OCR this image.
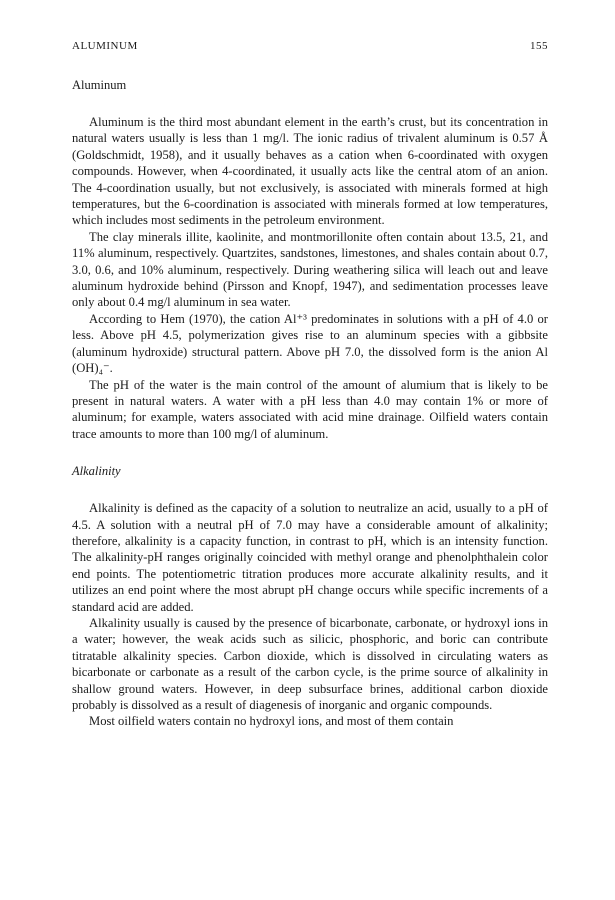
ALUMINUM	155
Aluminum

Aluminum is the third most abundant element in the earth’s crust, but its concentration in natural waters usually is less than 1 mg/l. The ionic radius of trivalent aluminum is 0.57 Å (Goldschmidt, 1958), and it usually behaves as a cation when 6-coordinated with oxygen compounds. However, when 4-coordinated, it usually acts like the central atom of an anion. The 4-coordination usually, but not exclusively, is associated with minerals formed at high temperatures, but the 6-coordination is associated with minerals formed at low temperatures, which includes most sediments in the petroleum environment.

The clay minerals illite, kaolinite, and montmorillonite often contain about 13.5, 21, and 11% aluminum, respectively. Quartzites, sandstones, limestones, and shales contain about 0.7, 3.0, 0.6, and 10% aluminum, respectively. During weathering silica will leach out and leave aluminum hydroxide behind (Pirsson and Knopf, 1947), and sedimentation processes leave only about 0.4 mg/l aluminum in sea water.

According to Hem (1970), the cation Al⁺³ predominates in solutions with a pH of 4.0 or less. Above pH 4.5, polymerization gives rise to an aluminum species with a gibbsite (aluminum hydroxide) structural pattern. Above pH 7.0, the dissolved form is the anion Al (OH)₄⁻.

The pH of the water is the main control of the amount of alumium that is likely to be present in natural waters. A water with a pH less than 4.0 may contain 1% or more of aluminum; for example, waters associated with acid mine drainage. Oilfield waters contain trace amounts to more than 100 mg/l of aluminum.

Alkalinity

Alkalinity is defined as the capacity of a solution to neutralize an acid, usually to a pH of 4.5. A solution with a neutral pH of 7.0 may have a considerable amount of alkalinity; therefore, alkalinity is a capacity function, in contrast to pH, which is an intensity function. The alkalinity-pH ranges originally coincided with methyl orange and phenolphthalein color end points. The potentiometric titration produces more accurate alkalinity results, and it utilizes an end point where the most abrupt pH change occurs while specific increments of a standard acid are added.

Alkalinity usually is caused by the presence of bicarbonate, carbonate, or hydroxyl ions in a water; however, the weak acids such as silicic, phosphoric, and boric can contribute titratable alkalinity species. Carbon dioxide, which is dissolved in circulating waters as bicarbonate or carbonate as a result of the carbon cycle, is the prime source of alkalinity in shallow ground waters. However, in deep subsurface brines, additional carbon dioxide probably is dissolved as a result of diagenesis of inorganic and organic compounds.

Most oilfield waters contain no hydroxyl ions, and most of them contain
